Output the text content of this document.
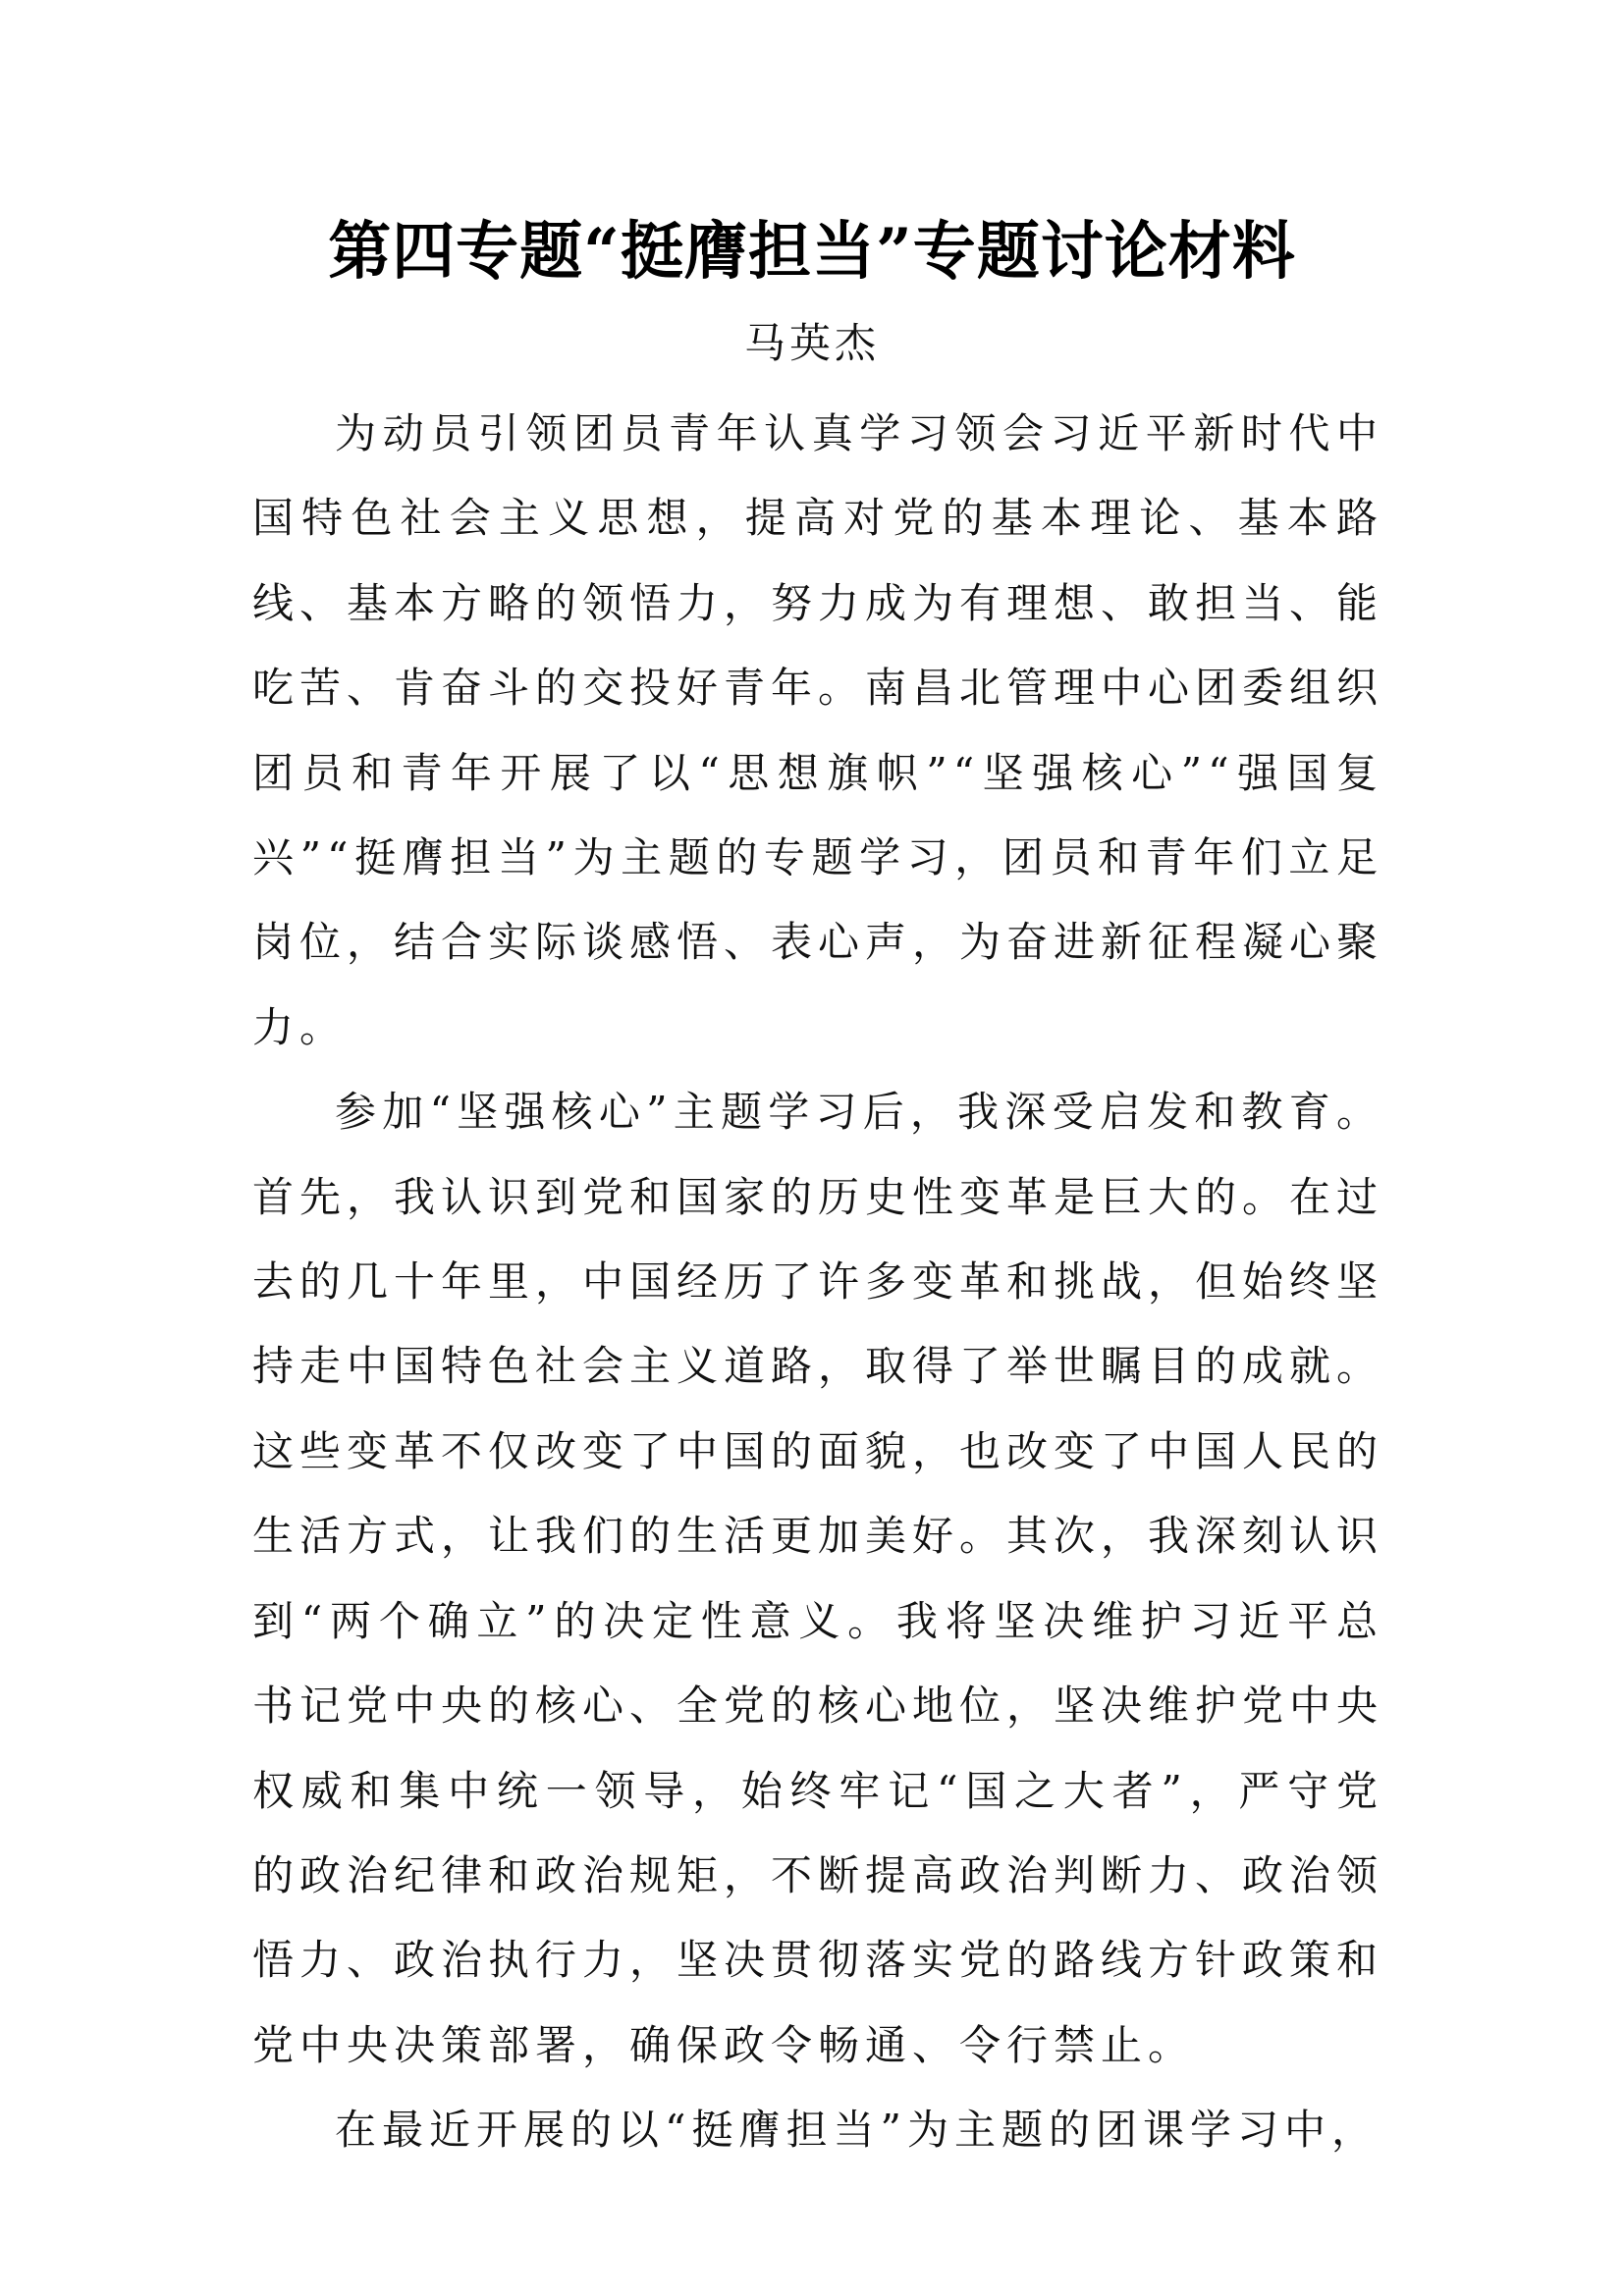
第四专题“挺膺担当”专题讨论材料

马英杰

为动员引领团员青年认真学习领会习近平新时代中国特色社会主义思想，提高对党的基本理论、基本路线、基本方略的领悟力，努力成为有理想、敢担当、能吃苦、肯奋斗的交投好青年。南昌北管理中心团委组织团员和青年开展了以“思想旗帜”“坚强核心”“强国复兴”“挺膺担当”为主题的专题学习，团员和青年们立足岗位，结合实际谈感悟、表心声，为奋进新征程凝心聚力。

参加“坚强核心”主题学习后，我深受启发和教育。首先，我认识到党和国家的历史性变革是巨大的。在过去的几十年里，中国经历了许多变革和挑战，但始终坚持走中国特色社会主义道路，取得了举世瞩目的成就。这些变革不仅改变了中国的面貌，也改变了中国人民的生活方式，让我们的生活更加美好。其次，我深刻认识到“两个确立”的决定性意义。我将坚决维护习近平总书记党中央的核心、全党的核心地位，坚决维护党中央权威和集中统一领导，始终牢记“国之大者”，严守党的政治纪律和政治规矩，不断提高政治判断力、政治领悟力、政治执行力，坚决贯彻落实党的路线方针政策和党中央决策部署，确保政令畅通、令行禁止。

在最近开展的以“挺膺担当”为主题的团课学习中，
